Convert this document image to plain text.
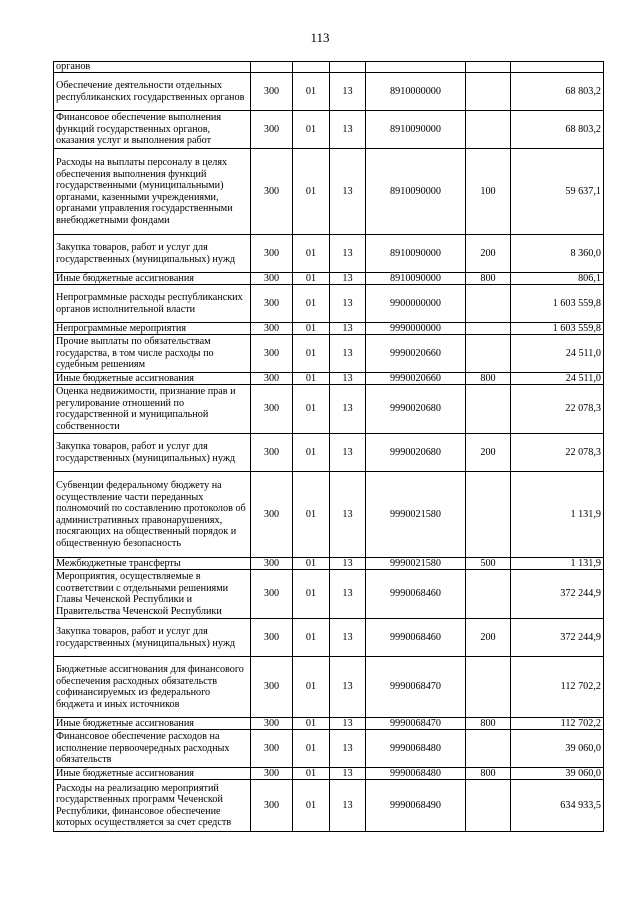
113
органов						
Обеспечение деятельности отдельных республиканских государственных органов	300	01	13	8910000000		68 803,2
Финансовое обеспечение выполнения функций государственных органов, оказания услуг и выполнения работ	300	01	13	8910090000		68 803,2
Расходы на выплаты персоналу в целях обеспечения выполнения функций государственными (муниципальными) органами, казенными учреждениями, органами управления государственными внебюджетными фондами	300	01	13	8910090000	100	59 637,1
Закупка товаров, работ и услуг для государственных (муниципальных) нужд	300	01	13	8910090000	200	8 360,0
Иные бюджетные ассигнования	300	01	13	8910090000	800	806,1
Непрограммные расходы республиканских органов исполнительной власти	300	01	13	9900000000		1 603 559,8
Непрограммные мероприятия	300	01	13	9990000000		1 603 559,8
Прочие выплаты по обязательствам государства, в том числе расходы по судебным решениям	300	01	13	9990020660		24 511,0
Иные бюджетные ассигнования	300	01	13	9990020660	800	24 511,0
Оценка недвижимости, признание прав и регулирование отношений по государственной и муниципальной собственности	300	01	13	9990020680		22 078,3
Закупка товаров, работ и услуг для государственных (муниципальных) нужд	300	01	13	9990020680	200	22 078,3
Субвенции федеральному бюджету на осуществление части переданных полномочий по составлению протоколов об административных правонарушениях, посягающих на общественный порядок и общественную безопасность	300	01	13	9990021580		1 131,9
Межбюджетные трансферты	300	01	13	9990021580	500	1 131,9
Мероприятия, осуществляемые в соответствии с отдельными решениями Главы Чеченской Республики и Правительства Чеченской Республики	300	01	13	9990068460		372 244,9
Закупка товаров, работ и услуг для государственных (муниципальных) нужд	300	01	13	9990068460	200	372 244,9
Бюджетные ассигнования для финансового обеспечения расходных обязательств софинансируемых из федерального бюджета и иных источников	300	01	13	9990068470		112 702,2
Иные бюджетные ассигнования	300	01	13	9990068470	800	112 702,2
Финансовое обеспечение расходов на исполнение первоочередных расходных обязательств	300	01	13	9990068480		39 060,0
Иные бюджетные ассигнования	300	01	13	9990068480	800	39 060,0
Расходы на реализацию мероприятий государственных программ Чеченской Республики, финансовое обеспечение которых осуществляется за счет средств	300	01	13	9990068490		634 933,5
